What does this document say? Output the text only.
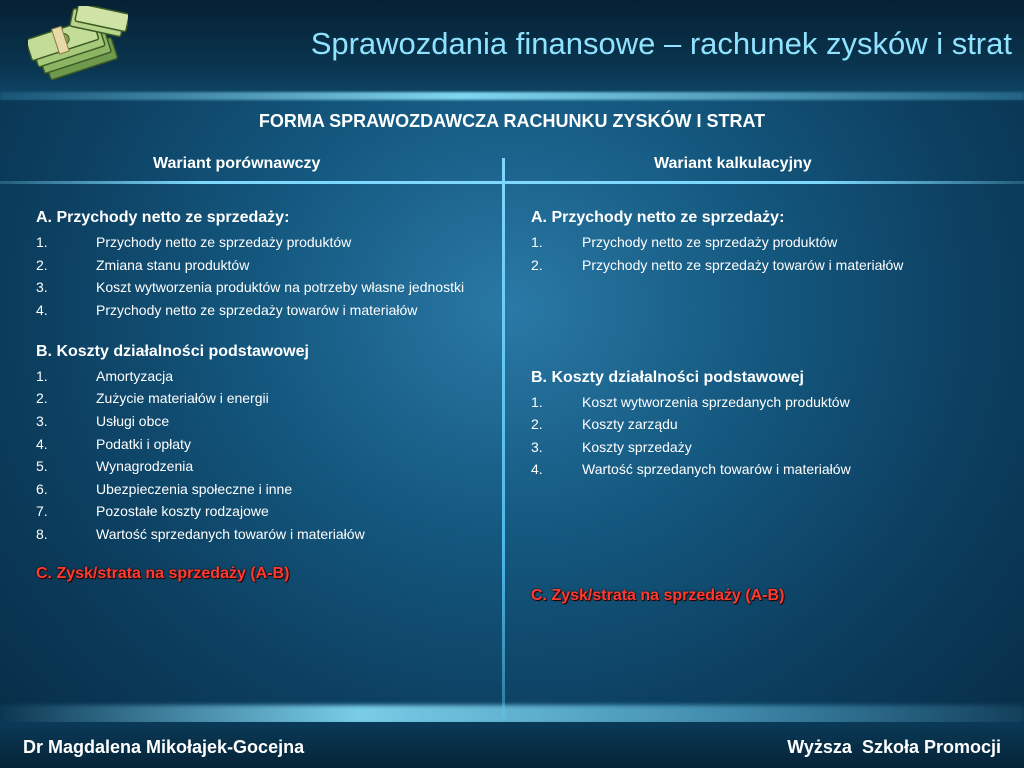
Sprawozdania finansowe – rachunek zysków i strat
FORMA SPRAWOZDAWCZA RACHUNKU ZYSKÓW I STRAT
Wariant porównawczy	Wariant kalkulacyjny
A. Przychody netto ze sprzedaży:
1.	Przychody netto ze sprzedaży produktów
2.	Zmiana stanu produktów
3.	Koszt wytworzenia produktów na potrzeby własne jednostki
4.	Przychody netto ze sprzedaży towarów i materiałów
B. Koszty działalności podstawowej
1.	Amortyzacja
2.	Zużycie materiałów i energii
3.	Usługi obce
4.	Podatki i opłaty
5.	Wynagrodzenia
6.	Ubezpieczenia społeczne i inne
7.	Pozostałe koszty rodzajowe
8.	Wartość sprzedanych towarów i materiałów
C. Zysk/strata na sprzedaży (A-B)
A. Przychody netto ze sprzedaży:
1.	Przychody netto ze sprzedaży produktów
2.	Przychody netto ze sprzedaży towarów i materiałów
B. Koszty działalności podstawowej
1.	Koszt wytworzenia sprzedanych produktów
2.	Koszty zarządu
3.	Koszty sprzedaży
4.	Wartość sprzedanych towarów i materiałów
C. Zysk/strata na sprzedaży (A-B)
Dr Magdalena Mikołajek-Gocejna	Wyższa  Szkoła Promocji
